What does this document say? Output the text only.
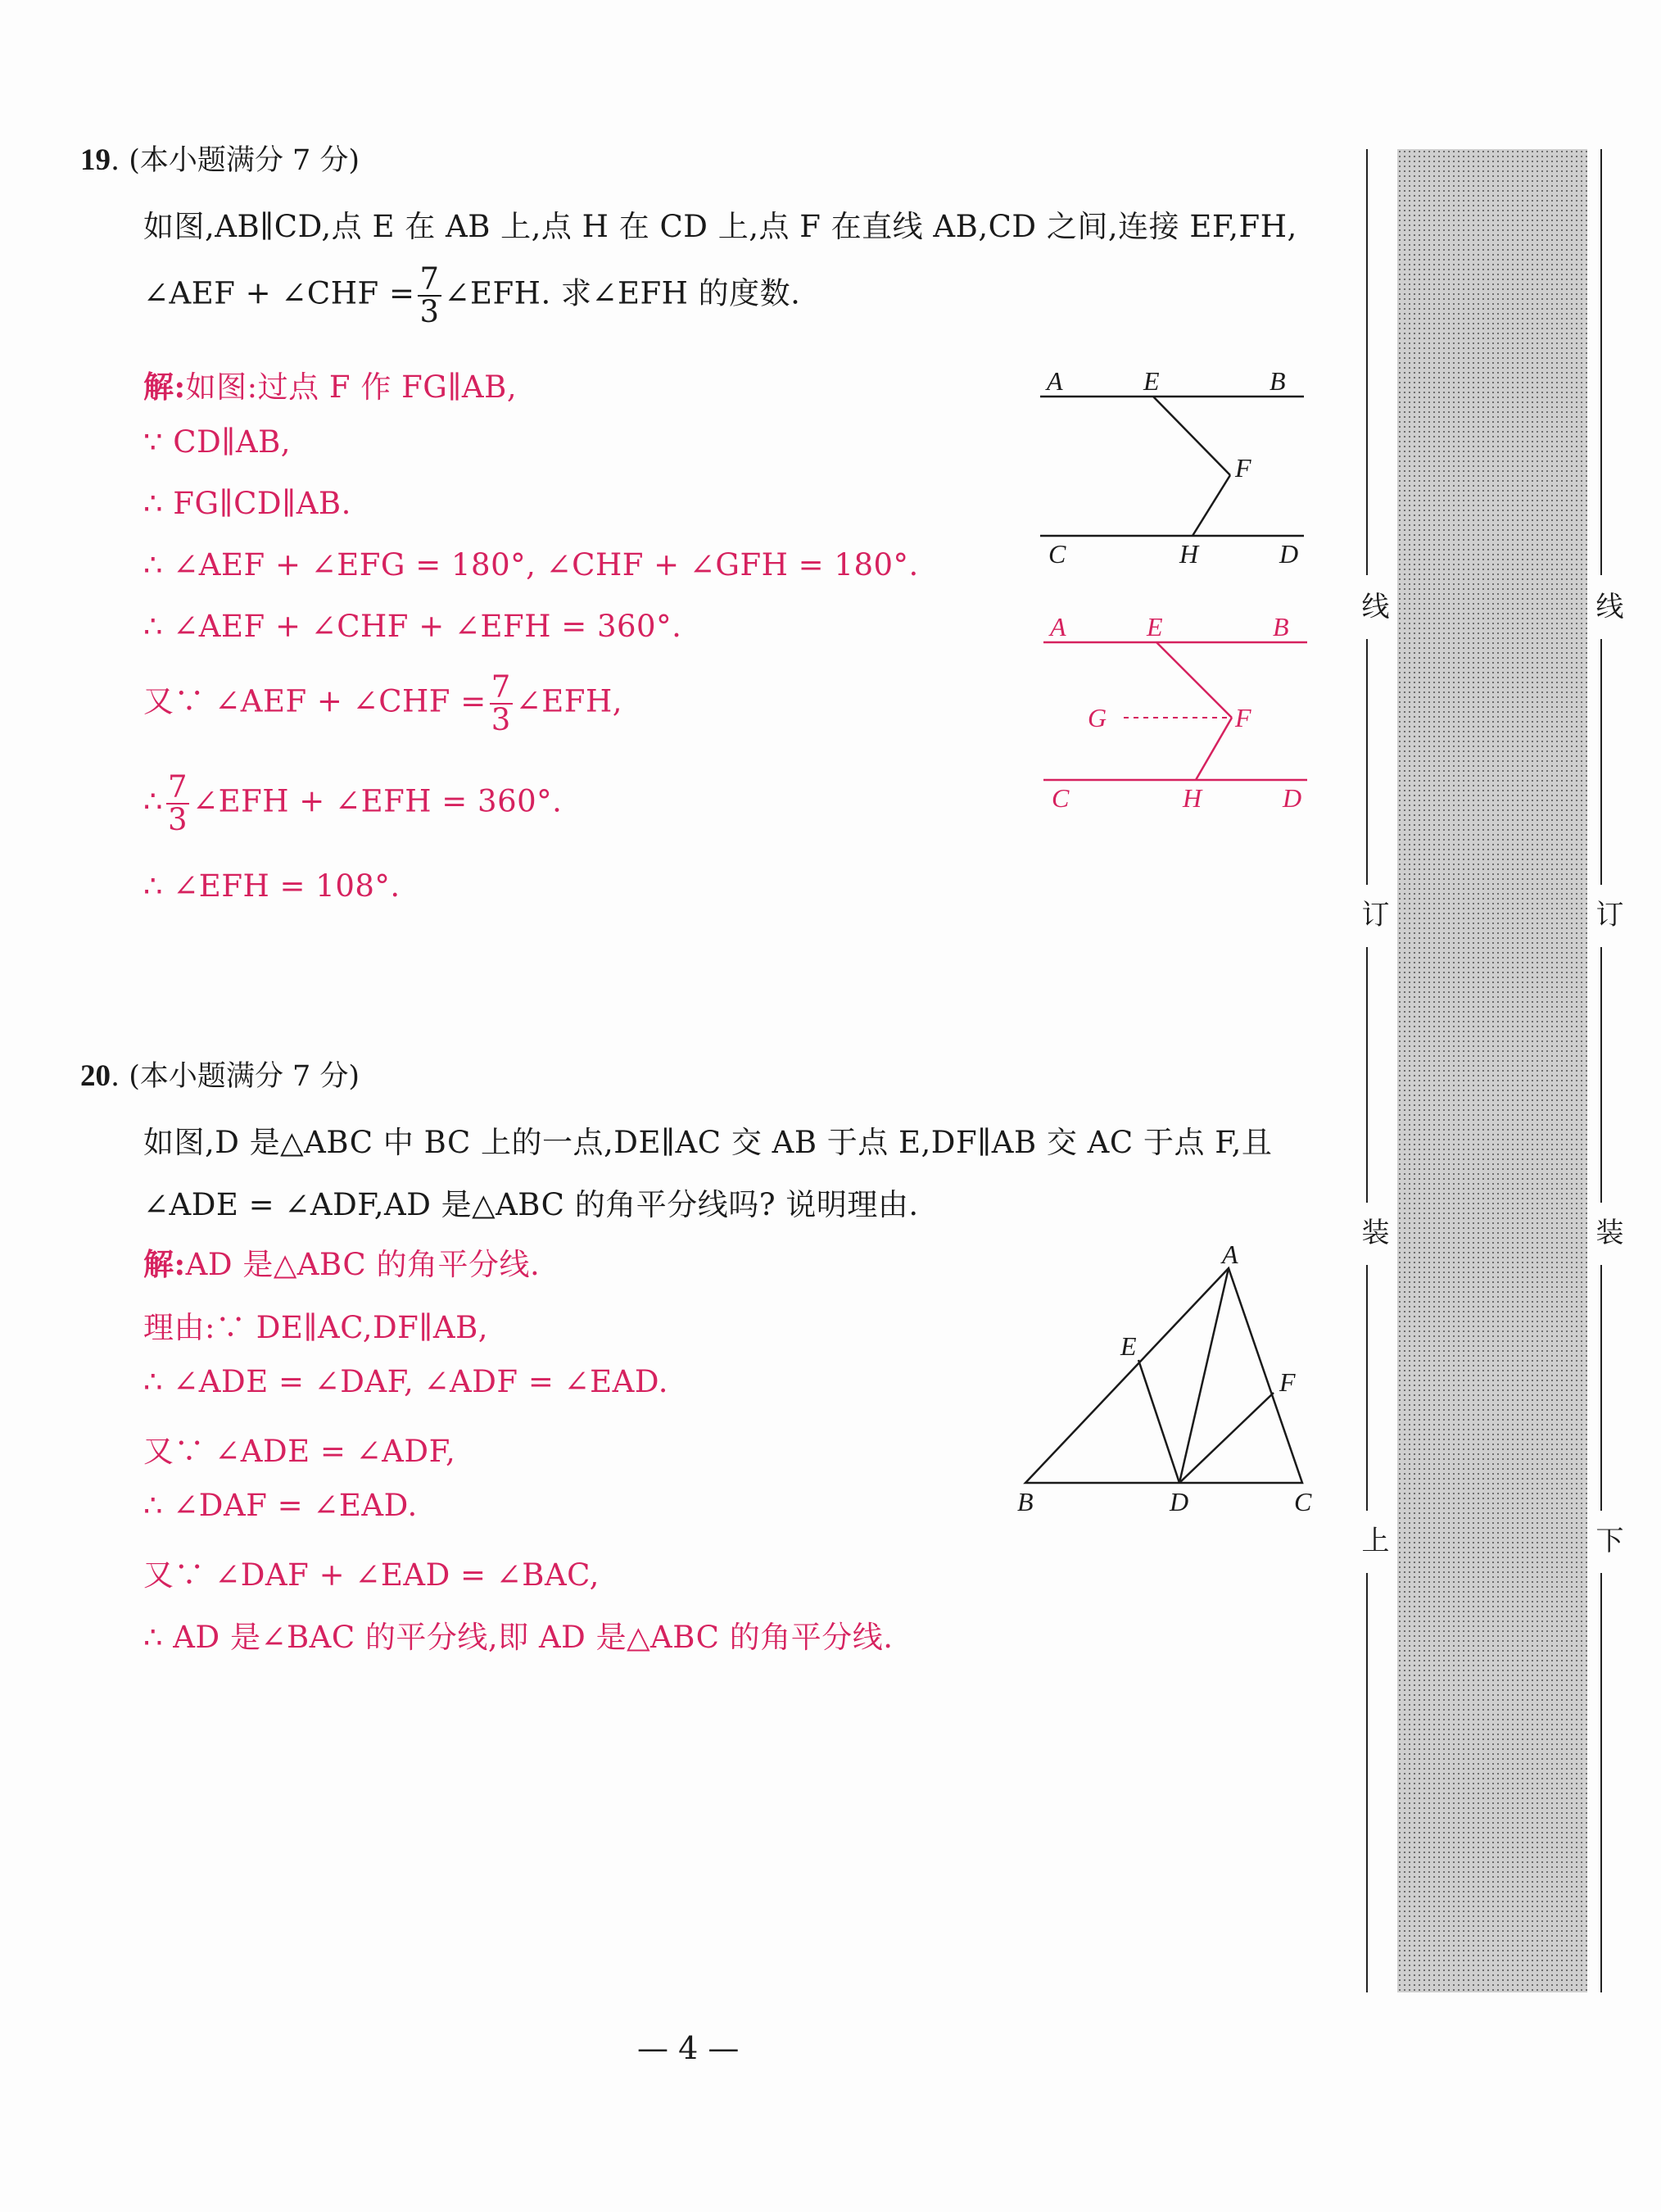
19. (本小题满分 7 分)
如图,AB∥CD,点 E 在 AB 上,点 H 在 CD 上,点 F 在直线 AB,CD 之间,连接 EF,FH,
∠AEF + ∠CHF = $\frac{7}{3}$ ∠EFH. 求∠EFH 的度数.
解:如图:过点 F 作 FG∥AB,
∵ CD∥AB,
∴ FG∥CD∥AB.
∴ ∠AEF + ∠EFG = 180°, ∠CHF + ∠GFH = 180°.
∴ ∠AEF + ∠CHF + ∠EFH = 360°.
又∵ ∠AEF + ∠CHF = $\frac{7}{3}$ ∠EFH,
∴ $\frac{7}{3}$ ∠EFH + ∠EFH = 360°.
∴ ∠EFH = 108°.
A	E	B
F
C	H	D
A	E	B
G	F
C	H	D
20. (本小题满分 7 分)
如图,D 是△ABC 中 BC 上的一点,DE∥AC 交 AB 于点 E,DF∥AB 交 AC 于点 F,且
∠ADE = ∠ADF,AD 是△ABC 的角平分线吗? 说明理由.
解:AD 是△ABC 的角平分线.
理由:∵ DE∥AC,DF∥AB,
∴ ∠ADE = ∠DAF, ∠ADF = ∠EAD.
又∵ ∠ADE = ∠ADF,
∴ ∠DAF = ∠EAD.
又∵ ∠DAF + ∠EAD = ∠BAC,
∴ AD 是∠BAC 的平分线,即 AD 是△ABC 的角平分线.
A
E
F
B	D	C
线
订
装
上
线
订
装
下
— 4 —
